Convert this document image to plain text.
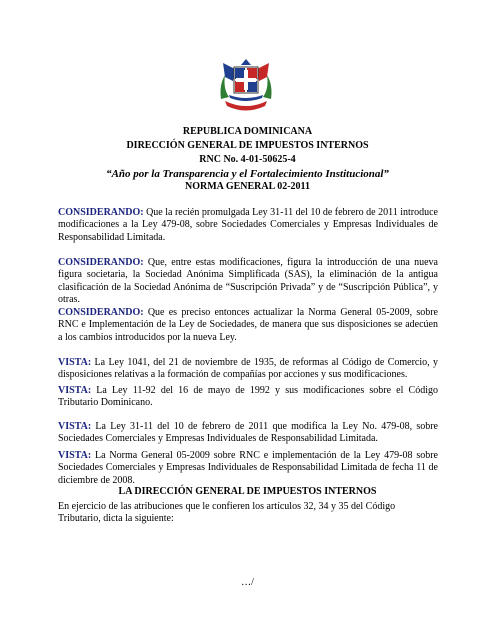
REPUBLICA DOMINICANA
DIRECCIÓN GENERAL DE IMPUESTOS INTERNOS
RNC No. 4-01-50625-4
“Año por la Transparencia y el Fortalecimiento Institucional”
NORMA GENERAL 02-2011
CONSIDERANDO: Que la recién promulgada Ley 31-11 del 10 de febrero de 2011 introduce modificaciones a la Ley 479-08, sobre Sociedades Comerciales y Empresas Individuales de Responsabilidad Limitada.
CONSIDERANDO: Que, entre estas modificaciones, figura la introducción de una nueva figura societaria, la Sociedad Anónima Simplificada (SAS), la eliminación de la antigua clasificación de la Sociedad Anónima de “Suscripción Privada” y de “Suscripción Pública”, y otras.
CONSIDERANDO: Que es preciso entonces actualizar la Norma General 05-2009, sobre RNC e Implementación de la Ley de Sociedades, de manera que sus disposiciones se adecúen a los cambios introducidos por la nueva Ley.
VISTA: La Ley 1041, del 21 de noviembre de 1935, de reformas al Código de Comercio, y disposiciones relativas a la formación de compañías por acciones y sus modificaciones.
VISTA: La Ley 11-92 del 16 de mayo de 1992 y sus modificaciones sobre el Código Tributario Dominicano.
VISTA: La Ley 31-11 del 10 de febrero de 2011 que modifica la Ley No. 479-08, sobre Sociedades Comerciales y Empresas Individuales de Responsabilidad Limitada.
VISTA: La Norma General 05-2009 sobre RNC e implementación de la Ley 479-08 sobre Sociedades Comerciales y Empresas Individuales de Responsabilidad Limitada de fecha 11 de diciembre de 2008.
LA DIRECCIÓN GENERAL DE IMPUESTOS INTERNOS
En ejercicio de las atribuciones que le confieren los artículos 32, 34 y 35 del Código Tributario, dicta la siguiente:
…/
